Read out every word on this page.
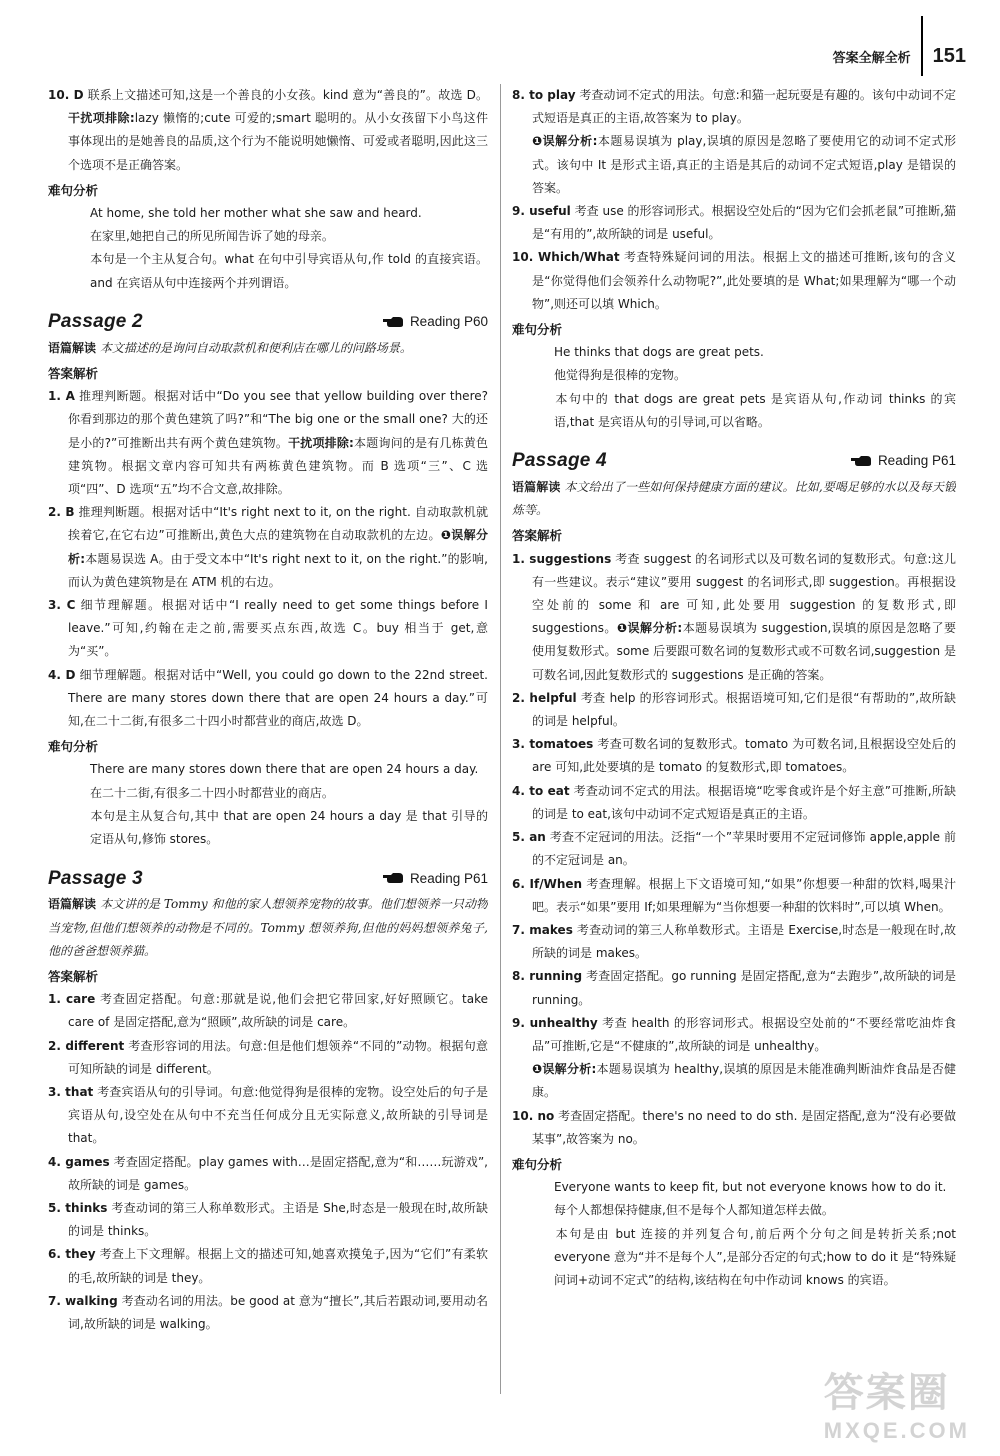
答案全解全析 151

10. D 联系上文描述可知,这是一个善良的小女孩。kind 意为“善良的”。故选 D。干扰项排除:lazy 懒惰的;cute 可爱的;smart 聪明的。从小女孩留下小鸟这件事体现出的是她善良的品质,这个行为不能说明她懒惰、可爱或者聪明,因此这三个选项不是正确答案。

难句分析

At home, she told her mother what she saw and heard.

在家里,她把自己的所见所闻告诉了她的母亲。

本句是一个主从复合句。what 在句中引导宾语从句,作 told 的直接宾语。and 在宾语从句中连接两个并列谓语。

Passage 2	Reading P60

语篇解读 本文描述的是询问自动取款机和便利店在哪儿的问路场景。

答案解析

1. A 推理判断题。根据对话中“Do you see that yellow building over there? 你看到那边的那个黄色建筑了吗?”和“The big one or the small one? 大的还是小的?”可推断出共有两个黄色建筑物。干扰项排除:本题询问的是有几栋黄色建筑物。根据文章内容可知共有两栋黄色建筑物。而 B 选项“三”、C 选项“四”、D 选项“五”均不合文意,故排除。

2. B 推理判断题。根据对话中“It's right next to it, on the right. 自动取款机就挨着它,在它右边”可推断出,黄色大点的建筑物在自动取款机的左边。❶误解分析:本题易误选 A。由于受文本中“It's right next to it, on the right.”的影响,而认为黄色建筑物是在 ATM 机的右边。

3. C 细节理解题。根据对话中“I really need to get some things before I leave.”可知,约翰在走之前,需要买点东西,故选 C。buy 相当于 get,意为“买”。

4. D 细节理解题。根据对话中“Well, you could go down to the 22nd street. There are many stores down there that are open 24 hours a day.”可知,在二十二街,有很多二十四小时都营业的商店,故选 D。

难句分析

There are many stores down there that are open 24 hours a day.

在二十二街,有很多二十四小时都营业的商店。

本句是主从复合句,其中 that are open 24 hours a day 是 that 引导的定语从句,修饰 stores。

Passage 3	Reading P61

语篇解读 本文讲的是 Tommy 和他的家人想领养宠物的故事。他们想领养一只动物当宠物,但他们想领养的动物是不同的。Tommy 想领养狗,但他的妈妈想领养兔子,他的爸爸想领养猫。

答案解析

1. care 考查固定搭配。句意:那就是说,他们会把它带回家,好好照顾它。take care of 是固定搭配,意为“照顾”,故所缺的词是 care。

2. different 考查形容词的用法。句意:但是他们想领养“不同的”动物。根据句意可知所缺的词是 different。

3. that 考查宾语从句的引导词。句意:他觉得狗是很棒的宠物。设空处后的句子是宾语从句,设空处在从句中不充当任何成分且无实际意义,故所缺的引导词是 that。

4. games 考查固定搭配。play games with…是固定搭配,意为“和……玩游戏”,故所缺的词是 games。

5. thinks 考查动词的第三人称单数形式。主语是 She,时态是一般现在时,故所缺的词是 thinks。

6. they 考查上下文理解。根据上文的描述可知,她喜欢摸兔子,因为“它们”有柔软的毛,故所缺的词是 they。

7. walking 考查动名词的用法。be good at 意为“擅长”,其后若跟动词,要用动名词,故所缺的词是 walking。

8. to play 考查动词不定式的用法。句意:和猫一起玩耍是有趣的。该句中动词不定式短语是真正的主语,故答案为 to play。
❶误解分析:本题易误填为 play,误填的原因是忽略了要使用它的动词不定式形式。该句中 It 是形式主语,真正的主语是其后的动词不定式短语,play 是错误的答案。

9. useful 考查 use 的形容词形式。根据设空处后的“因为它们会抓老鼠”可推断,猫是“有用的”,故所缺的词是 useful。

10. Which/What 考查特殊疑问词的用法。根据上文的描述可推断,该句的含义是“你觉得他们会领养什么动物呢?”,此处要填的是 What;如果理解为“哪一个动物”,则还可以填 Which。

难句分析

He thinks that dogs are great pets.

他觉得狗是很棒的宠物。

本句中的 that dogs are great pets 是宾语从句,作动词 thinks 的宾语,that 是宾语从句的引导词,可以省略。

Passage 4	Reading P61

语篇解读 本文给出了一些如何保持健康方面的建议。比如,要喝足够的水以及每天锻炼等。

答案解析

1. suggestions 考查 suggest 的名词形式以及可数名词的复数形式。句意:这儿有一些建议。表示“建议”要用 suggest 的名词形式,即 suggestion。再根据设空处前的 some 和 are 可知,此处要用 suggestion 的复数形式,即 suggestions。❶误解分析:本题易误填为 suggestion,误填的原因是忽略了要使用复数形式。some 后要跟可数名词的复数形式或不可数名词,suggestion 是可数名词,因此复数形式的 suggestions 是正确的答案。

2. helpful 考查 help 的形容词形式。根据语境可知,它们是很“有帮助的”,故所缺的词是 helpful。

3. tomatoes 考查可数名词的复数形式。tomato 为可数名词,且根据设空处后的 are 可知,此处要填的是 tomato 的复数形式,即 tomatoes。

4. to eat 考查动词不定式的用法。根据语境“吃零食或许是个好主意”可推断,所缺的词是 to eat,该句中动词不定式短语是真正的主语。

5. an 考查不定冠词的用法。泛指“一个”苹果时要用不定冠词修饰 apple,apple 前的不定冠词是 an。

6. If/When 考查理解。根据上下文语境可知,“如果”你想要一种甜的饮料,喝果汁吧。表示“如果”要用 If;如果理解为“当你想要一种甜的饮料时”,可以填 When。

7. makes 考查动词的第三人称单数形式。主语是 Exercise,时态是一般现在时,故所缺的词是 makes。

8. running 考查固定搭配。go running 是固定搭配,意为“去跑步”,故所缺的词是 running。

9. unhealthy 考查 health 的形容词形式。根据设空处前的“不要经常吃油炸食品”可推断,它是“不健康的”,故所缺的词是 unhealthy。
❶误解分析:本题易误填为 healthy,误填的原因是未能准确判断油炸食品是否健康。

10. no 考查固定搭配。there's no need to do sth. 是固定搭配,意为“没有必要做某事”,故答案为 no。

难句分析

Everyone wants to keep fit, but not everyone knows how to do it.

每个人都想保持健康,但不是每个人都知道怎样去做。

本句是由 but 连接的并列复合句,前后两个分句之间是转折关系;not everyone 意为“并不是每个人”,是部分否定的句式;how to do it 是“特殊疑问词+动词不定式”的结构,该结构在句中作动词 knows 的宾语。

答案圈
MXQE.COM
